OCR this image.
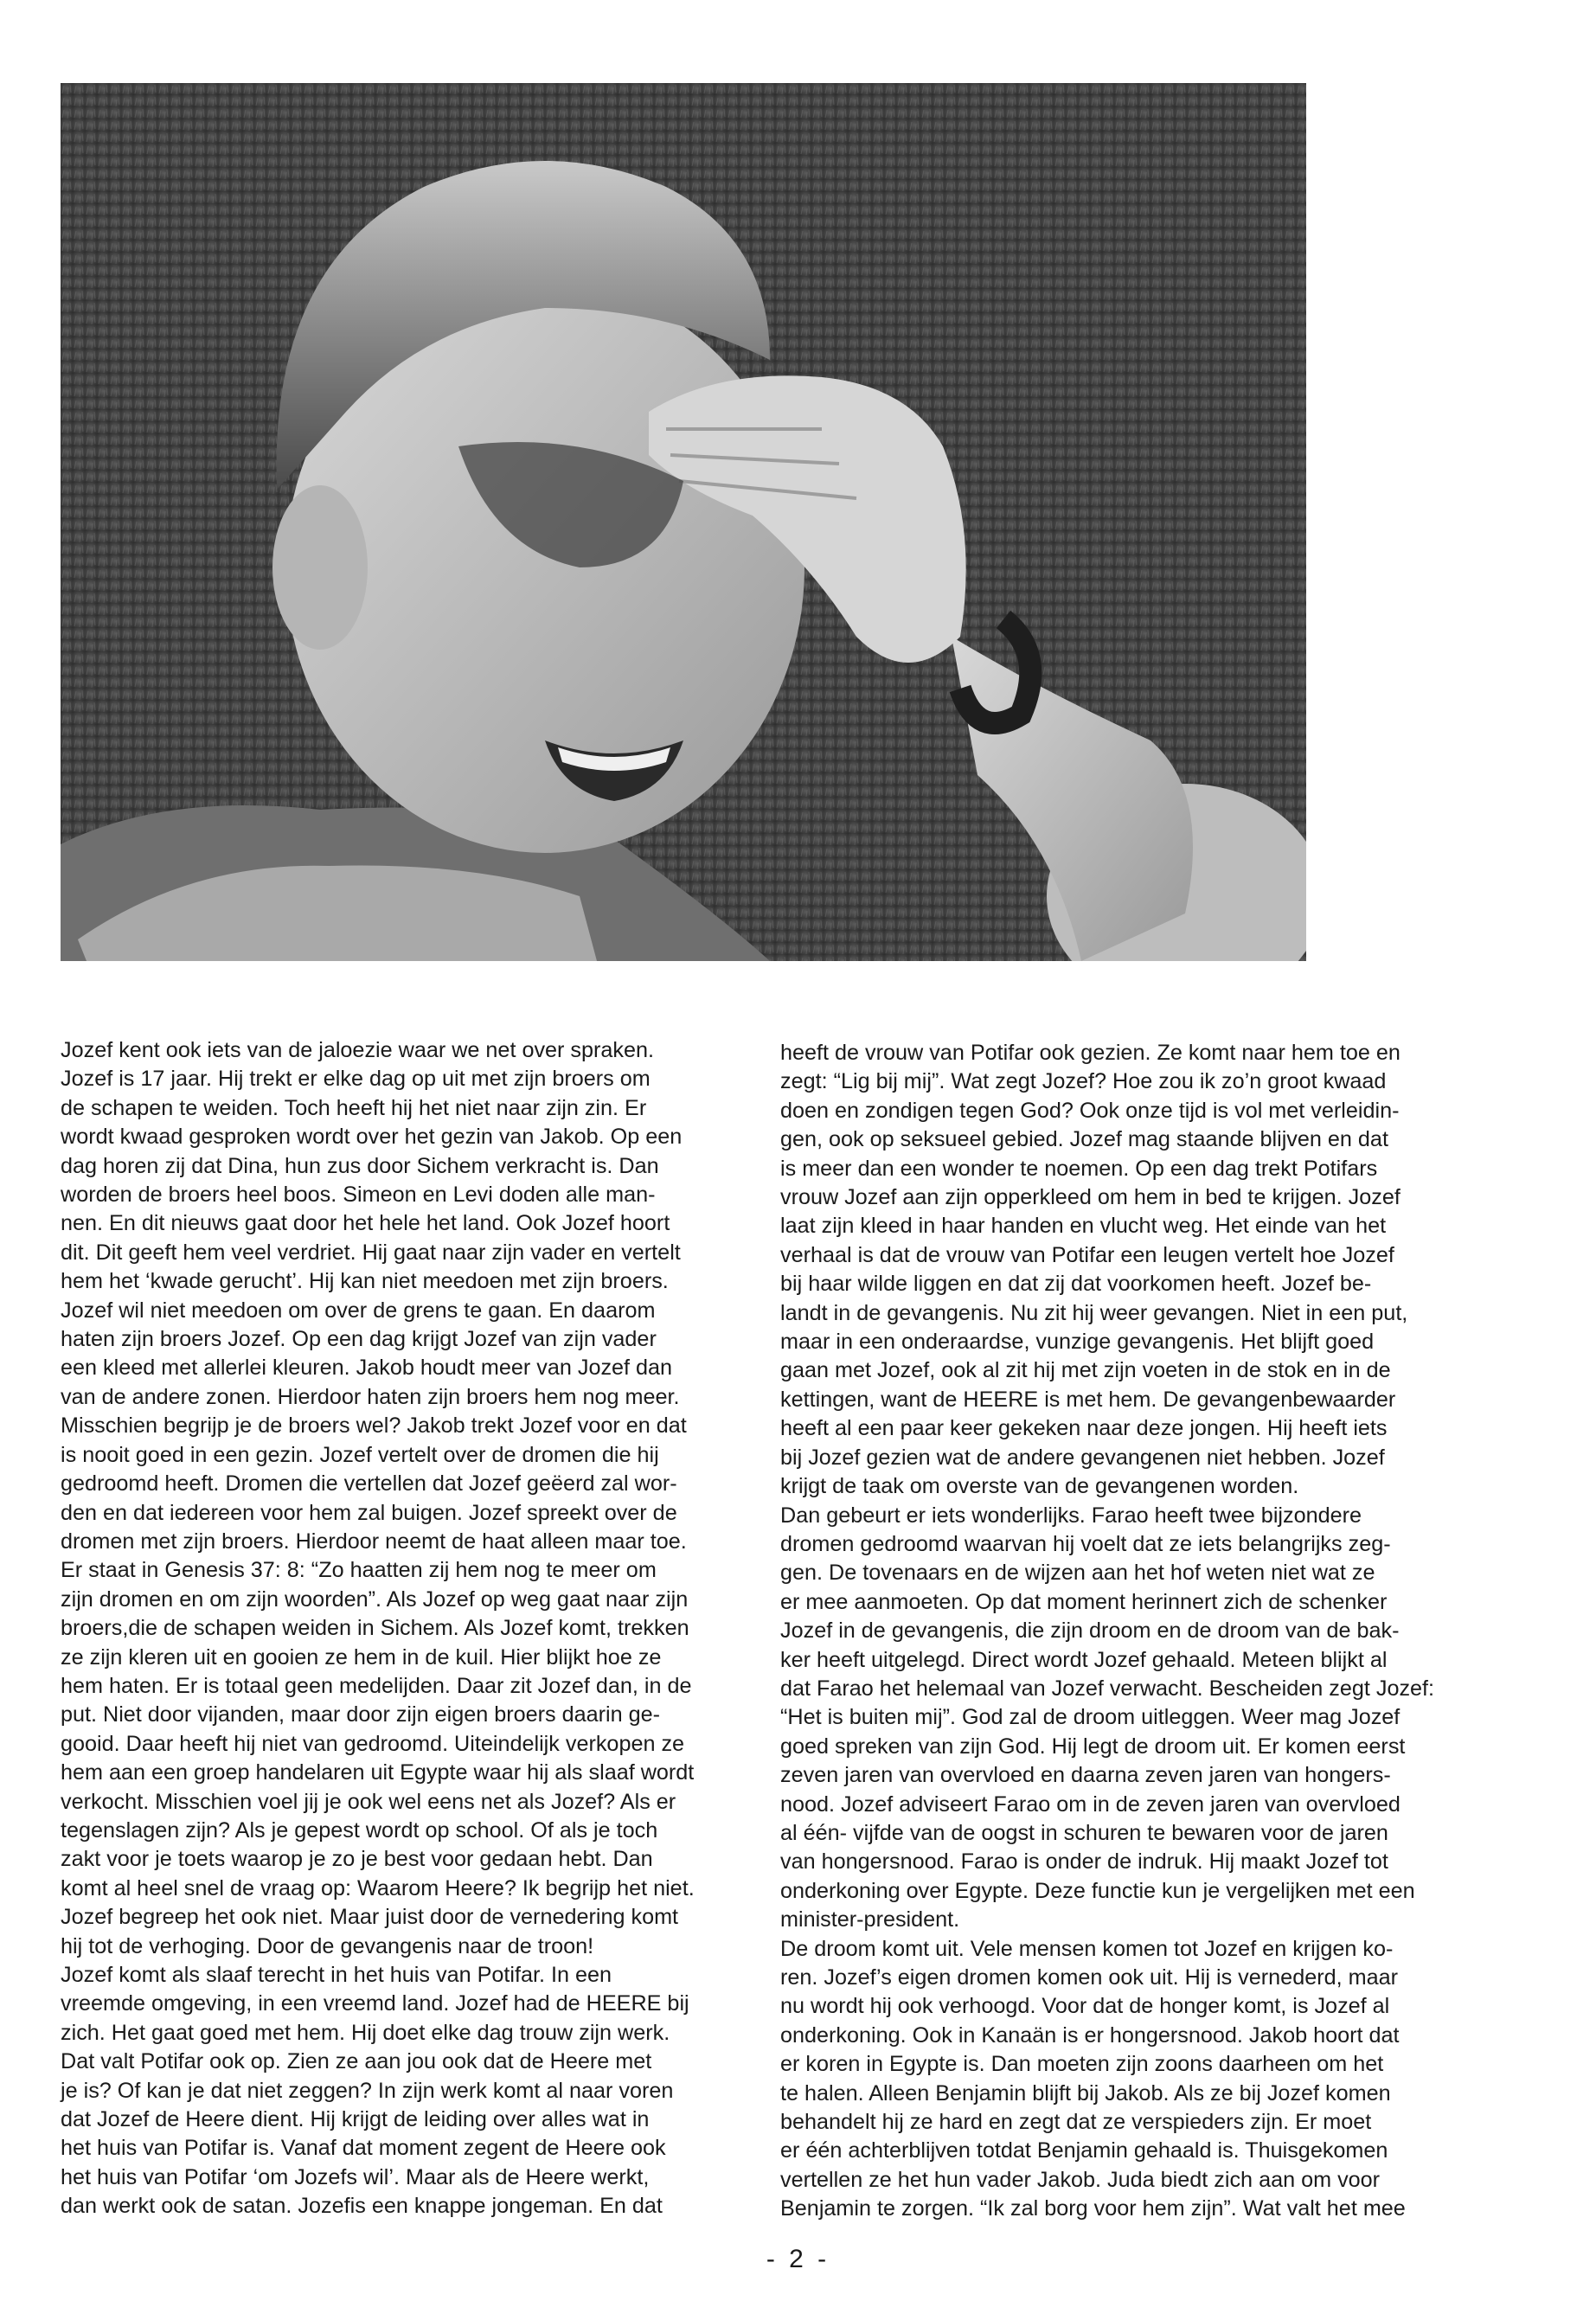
Jozef kent ook iets van de jaloezie waar we net over spraken.

Jozef is 17 jaar. Hij trekt er elke dag op uit met zijn broers om

de schapen te weiden. Toch heeft hij het niet naar zijn zin. Er

wordt kwaad gesproken wordt over het gezin van Jakob. Op een

dag horen zij dat Dina, hun zus door Sichem verkracht is. Dan

worden de broers heel boos. Simeon en Levi doden alle man-

nen. En dit nieuws gaat door het hele het land. Ook Jozef hoort

dit. Dit geeft hem veel verdriet. Hij gaat naar zijn vader en vertelt

hem het ‘kwade gerucht’. Hij kan niet meedoen met zijn broers.

Jozef wil niet meedoen om over de grens te gaan. En daarom

haten zijn broers Jozef. Op een dag krijgt Jozef van zijn vader

een kleed met allerlei kleuren. Jakob houdt meer van Jozef dan

van de andere zonen. Hierdoor haten zijn broers hem nog meer.

Misschien begrijp je de broers wel? Jakob trekt Jozef voor en dat

is nooit goed in een gezin. Jozef vertelt over de dromen die hij

gedroomd heeft. Dromen die vertellen dat Jozef geëerd zal wor-

den en dat iedereen voor hem zal buigen. Jozef spreekt over de

dromen met zijn broers. Hierdoor neemt de haat alleen maar toe.

Er staat in Genesis 37: 8: “Zo haatten zij hem nog te meer om

zijn dromen en om zijn woorden”. Als Jozef op weg gaat naar zijn

broers,die de schapen weiden in Sichem. Als Jozef komt, trekken

ze zijn kleren uit en gooien ze hem in de kuil. Hier blijkt hoe ze

hem haten. Er is totaal geen medelijden. Daar zit Jozef dan, in de

put. Niet door vijanden, maar door zijn eigen broers daarin ge-

gooid. Daar heeft hij niet van gedroomd. Uiteindelijk verkopen ze

hem aan een groep handelaren uit Egypte waar hij als slaaf wordt

verkocht. Misschien voel jij je ook wel eens net als Jozef? Als er

tegenslagen zijn? Als je gepest wordt op school. Of als je toch

zakt voor je toets waarop je zo je best voor gedaan hebt. Dan

komt al heel snel de vraag op: Waarom Heere? Ik begrijp het niet.

Jozef begreep het ook niet. Maar juist door de vernedering komt

hij tot de verhoging. Door de gevangenis naar de troon!

Jozef komt als slaaf terecht in het huis van Potifar. In een

vreemde omgeving, in een vreemd land. Jozef had de HEERE bij

zich. Het gaat goed met hem. Hij doet elke dag trouw zijn werk.

Dat valt Potifar ook op. Zien ze aan jou ook dat de Heere met

je is? Of kan je dat niet zeggen? In zijn werk komt al naar voren

dat Jozef de Heere dient. Hij krijgt de leiding over alles wat in

het huis van Potifar is. Vanaf dat moment zegent de Heere ook

het huis van Potifar ‘om Jozefs wil’. Maar als de Heere werkt,

dan werkt ook de satan. Jozefis een knappe jongeman. En dat

heeft de vrouw van Potifar ook gezien. Ze komt naar hem toe en

zegt: “Lig bij mij”. Wat zegt Jozef? Hoe zou ik zo’n groot kwaad

doen en zondigen tegen God? Ook onze tijd is vol met verleidin-

gen, ook op seksueel gebied. Jozef mag staande blijven en dat

is meer dan een wonder te noemen. Op een dag trekt Potifars

vrouw Jozef aan zijn opperkleed om hem in bed te krijgen. Jozef

laat zijn kleed in haar handen en vlucht weg. Het einde van het

verhaal is dat de vrouw van Potifar een leugen vertelt hoe Jozef

bij haar wilde liggen en dat zij dat voorkomen heeft. Jozef be-

landt in de gevangenis. Nu zit hij weer gevangen. Niet in een put,

maar in een onderaardse, vunzige gevangenis. Het blijft goed

gaan met Jozef, ook al zit hij met zijn voeten in de stok en in de

kettingen, want de HEERE is met hem. De gevangenbewaarder

heeft al een paar keer gekeken naar deze jongen. Hij heeft iets

bij Jozef gezien wat de andere gevangenen niet hebben. Jozef

krijgt de taak om overste van de gevangenen worden.

Dan gebeurt er iets wonderlijks. Farao heeft twee bijzondere

dromen gedroomd waarvan hij voelt dat ze iets belangrijks zeg-

gen. De tovenaars en de wijzen aan het hof weten niet wat ze

er mee aanmoeten. Op dat moment herinnert zich de schenker

Jozef in de gevangenis, die zijn droom en de droom van de bak-

ker heeft uitgelegd. Direct wordt Jozef gehaald. Meteen blijkt al

dat Farao het helemaal van Jozef verwacht. Bescheiden zegt Jozef:

“Het is buiten mij”. God zal de droom uitleggen. Weer mag Jozef

goed spreken van zijn God. Hij legt de droom uit. Er komen eerst

zeven jaren van overvloed en daarna zeven jaren van hongers-

nood. Jozef adviseert Farao om in de zeven jaren van overvloed

al één- vijfde van de oogst in schuren te bewaren voor de jaren

van hongersnood. Farao is onder de indruk. Hij maakt Jozef tot

onderkoning over Egypte. Deze functie kun je vergelijken met een

minister-president.

De droom komt uit. Vele mensen komen tot Jozef en krijgen ko-

ren. Jozef’s eigen dromen komen ook uit. Hij is vernederd, maar

nu wordt hij ook verhoogd. Voor dat de honger komt, is Jozef al

onderkoning. Ook in Kanaän is er hongersnood. Jakob hoort dat

er koren in Egypte is. Dan moeten zijn zoons daarheen om het

te halen. Alleen Benjamin blijft bij Jakob. Als ze bij Jozef komen

behandelt hij ze hard en zegt dat ze verspieders zijn. Er moet

er één achterblijven totdat Benjamin gehaald is. Thuisgekomen

vertellen ze het hun vader Jakob. Juda biedt zich aan om voor

Benjamin te zorgen. “Ik zal borg voor hem zijn”. Wat valt het mee

- 2 -
